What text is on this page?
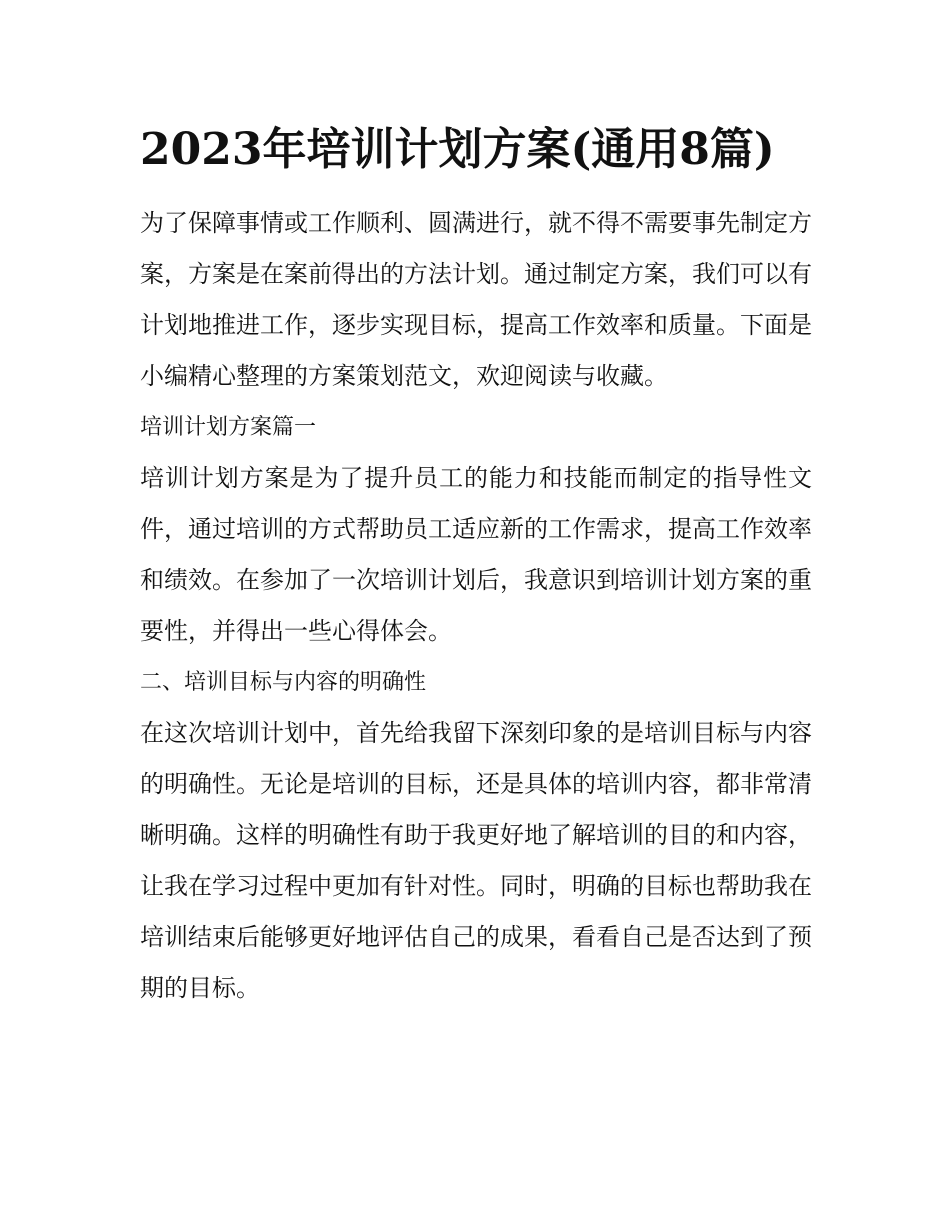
2023年培训计划方案(通用8篇)

为了保障事情或工作顺利、圆满进行，就不得不需要事先制定方案，方案是在案前得出的方法计划。通过制定方案，我们可以有计划地推进工作，逐步实现目标，提高工作效率和质量。下面是小编精心整理的方案策划范文，欢迎阅读与收藏。

培训计划方案篇一

培训计划方案是为了提升员工的能力和技能而制定的指导性文件，通过培训的方式帮助员工适应新的工作需求，提高工作效率和绩效。在参加了一次培训计划后，我意识到培训计划方案的重要性，并得出一些心得体会。

二、培训目标与内容的明确性

在这次培训计划中，首先给我留下深刻印象的是培训目标与内容的明确性。无论是培训的目标，还是具体的培训内容，都非常清晰明确。这样的明确性有助于我更好地了解培训的目的和内容，让我在学习过程中更加有针对性。同时，明确的目标也帮助我在培训结束后能够更好地评估自己的成果，看看自己是否达到了预期的目标。
